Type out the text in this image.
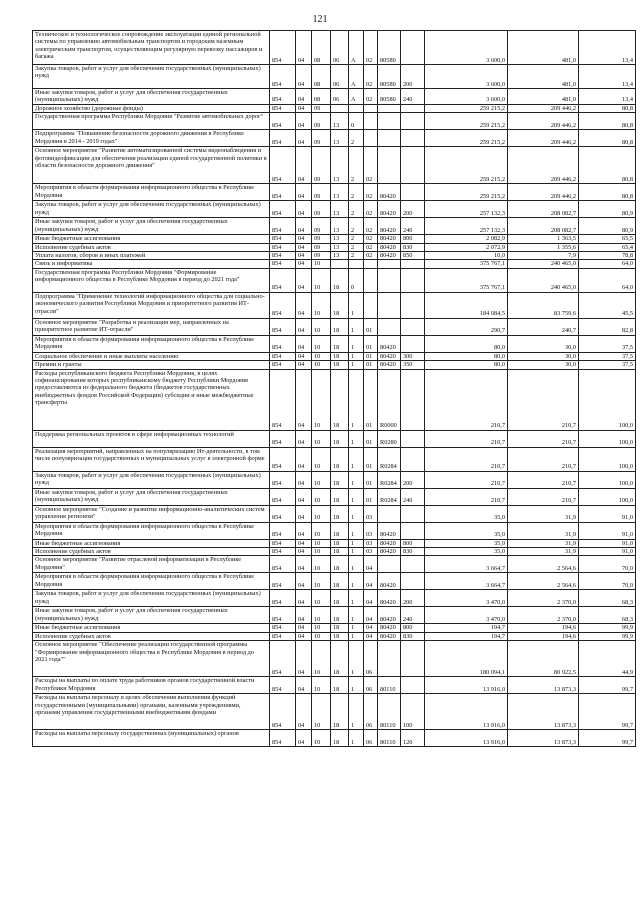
121
Техническое и технологическое сопровождение эксплуатации единой региональной системы по управлению автомобильным транспортом и городским наземным электрическим транспортом, осуществляющим регулярную перевозку пассажиров и багажа	854	04	08	06	А	02	80580		3 600,0	481,0	13,4
Закупка товаров, работ и услуг для обеспечения государственных (муниципальных) нужд	854	04	08	06	А	02	80580	200	3 600,0	481,0	13,4
Иные закупки товаров, работ и услуг для обеспечения государственных (муниципальных) нужд	854	04	08	06	А	02	80580	240	3 600,0	481,0	13,4
Дорожное хозяйство (дорожные фонды)	854	04	09						259 215,2	209 446,2	80,8
Государственная программа Республики Мордовия "Развитие автомобильных дорог"	854	04	09	13	0				259 215,2	209 446,2	80,8
Подпрограмма "Повышение безопасности дорожного движения в Республике Мордовия в 2014 - 2019 годах"	854	04	09	13	2				259 215,2	209 446,2	80,8
Основное мероприятие "Развитие автоматизированной системы видеонаблюдения и фотовидеофиксации для обеспечения реализации единой государственной политики в области безопасности дорожного движения"	854	04	09	13	2	02			259 215,2	209 446,2	80,8
Мероприятия в области формирования информационного общества в Республике Мордовия	854	04	09	13	2	02	80420		259 215,2	209 446,2	80,8
Закупка товаров, работ и услуг для обеспечения государственных (муниципальных) нужд	854	04	09	13	2	02	80420	200	257 132,3	208 082,7	80,9
Иные закупки товаров, работ и услуг для обеспечения государственных (муниципальных) нужд	854	04	09	13	2	02	80420	240	257 132,3	208 082,7	80,9
Иные бюджетные ассигнования	854	04	09	13	2	02	80420	800	2 082,9	1 363,5	65,5
Исполнение судебных актов	854	04	09	13	2	02	80420	830	2 072,9	1 355,6	65,4
Уплата налогов, сборов и иных платежей	854	04	09	13	2	02	80420	850	10,0	7,9	78,8
Связь и информатика	854	04	10						375 767,1	240 465,0	64,0
Государственная программа Республики Мордовия "Формирование информационного общества в Республике Мордовия в период до 2021 года"	854	04	10	18	0				375 767,1	240 465,0	64,0
Подпрограмма "Применение технологий информационного общества для социально-экономического развития Республики Мордовия и приоритетного развития ИТ-отрасли"	854	04	10	18	1				184 084,5	83 759,6	45,5
Основное мероприятие "Разработка и реализация мер, направленных на приоритетное развитие ИТ-отрасли"	854	04	10	18	1	01			290,7	240,7	82,8
Мероприятия в области формирования информационного общества в Республике Мордовия	854	04	10	18	1	01	80420		80,0	30,0	37,5
Социальное обеспечение и иные выплаты населению	854	04	10	18	1	01	80420	300	80,0	30,0	37,5
Премии и гранты	854	04	10	18	1	01	80420	350	80,0	30,0	37,5
Расходы республиканского бюджета Республики Мордовия, в целях софинансирования которых республиканскому бюджету Республики Мордовия предоставляются из федерального бюджета (бюджетов государственных внебюджетных фондов Российской Федерации) субсидии и иные межбюджетные трансферты	854	04	10	18	1	01	R0000		210,7	210,7	100,0
Поддержка региональных проектов в сфере информационных технологий	854	04	10	18	1	01	R0280		210,7	210,7	100,0
Реализация мероприятий, направленных на популяризацию Ит-деятельности, в том числе популяризация государственных и муниципальных услуг в электронной форме	854	04	10	18	1	01	R0284		210,7	210,7	100,0
Закупка товаров, работ и услуг для обеспечения государственных (муниципальных) нужд	854	04	10	18	1	01	R0284	200	210,7	210,7	100,0
Иные закупки товаров, работ и услуг для обеспечения государственных (муниципальных) нужд	854	04	10	18	1	01	R0284	240	210,7	210,7	100,0
Основное мероприятие "Создание и развитие информационно-аналитических систем управления регионом"	854	04	10	18	1	03			35,0	31,9	91,0
Мероприятия в области формирования информационного общества в Республике Мордовия	854	04	10	18	1	03	80420		35,0	31,9	91,0
Иные бюджетные ассигнования	854	04	10	18	1	03	80420	800	35,0	31,9	91,0
Исполнение судебных актов	854	04	10	18	1	03	80420	830	35,0	31,9	91,0
Основное мероприятие "Развитие отраслевой информатизации в Республике Мордовия"	854	04	10	18	1	04			3 664,7	2 564,6	70,0
Мероприятия в области формирования информационного общества в Республике Мордовия	854	04	10	18	1	04	80420		3 664,7	2 564,6	70,0
Закупка товаров, работ и услуг для обеспечения государственных (муниципальных) нужд	854	04	10	18	1	04	80420	200	3 470,0	2 370,0	68,3
Иные закупки товаров, работ и услуг для обеспечения государственных (муниципальных) нужд	854	04	10	18	1	04	80420	240	3 470,0	2 370,0	68,3
Иные бюджетные ассигнования	854	04	10	18	1	04	80420	800	194,7	194,6	99,9
Исполнение судебных актов	854	04	10	18	1	04	80420	830	194,7	194,6	99,9
Основное мероприятие "Обеспечение реализации государственной программы "Формирование информационного общества в Республике Мордовия в период до 2021 года""	854	04	10	18	1	06			180 094,1	80 922,5	44,9
Расходы на выплаты по оплате труда работников органов государственной власти Республики Мордовия	854	04	10	18	1	06	80110		13 916,0	13 873,3	99,7
Расходы на выплаты персоналу в целях обеспечения выполнения функций государственными (муниципальными) органами, казенными учреждениями, органами управления государственными внебюджетными фондами	854	04	10	18	1	06	80110	100	13 916,0	13 873,3	99,7
Расходы на выплаты персоналу государственных (муниципальных) органов	854	04	10	18	1	06	80110	120	13 916,0	13 873,3	99,7
